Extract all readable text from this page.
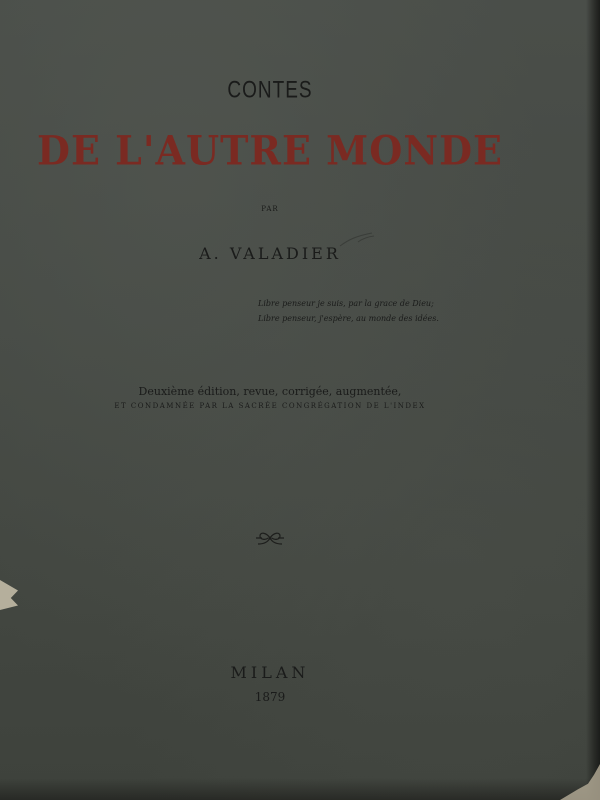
CONTES
DE L'AUTRE MONDE
PAR
A. VALADIER
Libre penseur je suis, par la grace de Dieu;
Libre penseur, j'espère, au monde des idées.
Deuxième édition, revue, corrigée, augmentée,
ET CONDAMNÉE PAR LA SACRÉE CONGRÉGATION DE L'INDEX
MILAN
1879
